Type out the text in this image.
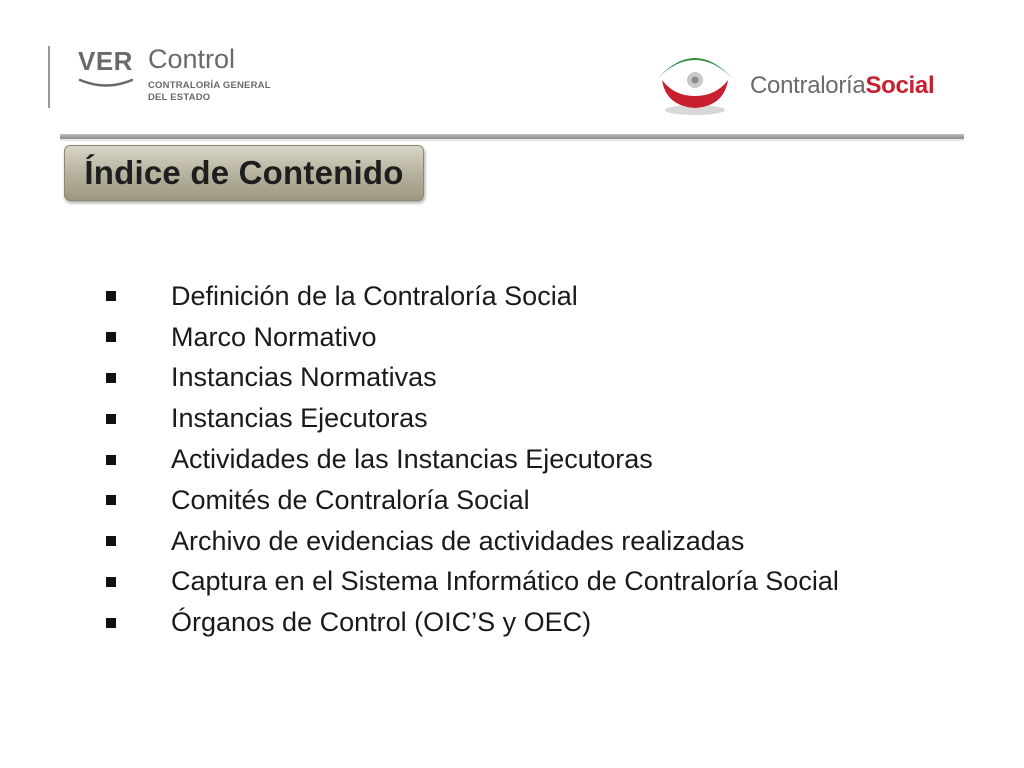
VER Control
CONTRALORÍA GENERAL
DEL ESTADO	ContraloríaSocial
Índice de Contenido
Definición de la Contraloría Social
Marco Normativo
Instancias Normativas
Instancias Ejecutoras
Actividades de las Instancias Ejecutoras
Comités de Contraloría Social
Archivo de evidencias de actividades realizadas
Captura en el Sistema Informático de Contraloría Social
Órganos de Control (OIC’S y OEC)
